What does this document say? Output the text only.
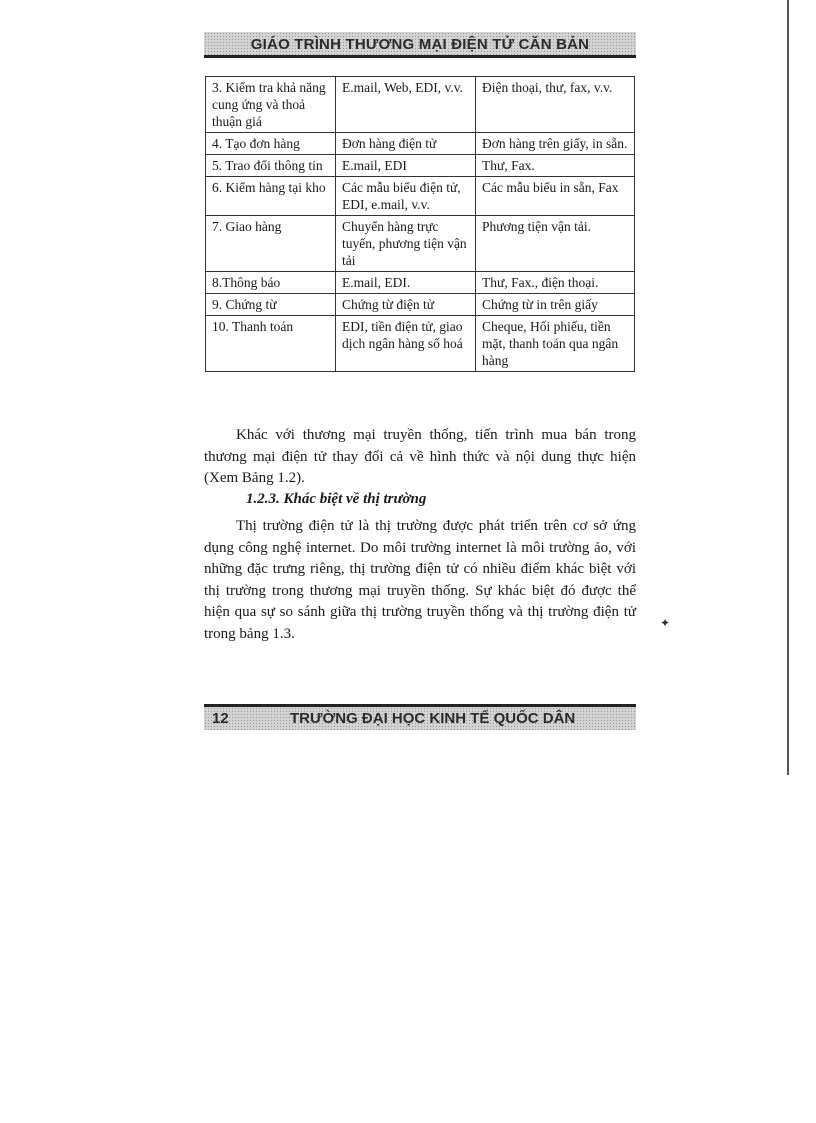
GIÁO TRÌNH THƯƠNG MẠI ĐIỆN TỬ CĂN BẢN
3. Kiểm tra khả năng cung ứng và thoả thuận giá	E.mail, Web, EDI, v.v.	Điện thoại, thư, fax, v.v.
4. Tạo đơn hàng	Đơn hàng điện tử	Đơn hàng trên giấy, in sẵn.
5. Trao đổi thông tin	E.mail, EDI	Thư, Fax.
6. Kiểm hàng tại kho	Các mẫu biểu điện tử, EDI, e.mail, v.v.	Các mẫu biểu in sẵn, Fax
7. Giao hàng	Chuyển hàng trực tuyến, phương tiện vận tải	Phương tiện vận tải.
8.Thông báo	E.mail, EDI.	Thư, Fax., điện thoại.
9. Chứng từ	Chứng từ điện tử	Chứng từ in trên giấy
10. Thanh toán	EDI, tiền điện tử, giao dịch ngân hàng số hoá	Cheque, Hối phiếu, tiền mặt, thanh toán qua ngân hàng

Khác với thương mại truyền thống, tiến trình mua bán trong thương mại điện tử thay đổi cả về hình thức và nội dung thực hiện (Xem Bảng 1.2).

1.2.3. Khác biệt về thị trường

Thị trường điện tử là thị trường được phát triển trên cơ sở ứng dụng công nghệ internet. Do môi trường internet là môi trường ảo, với những đặc trưng riêng, thị trường điện tử có nhiều điểm khác biệt với thị trường trong thương mại truyền thống. Sự khác biệt đó được thể hiện qua sự so sánh giữa thị trường truyền thống và thị trường điện tử trong bảng 1.3.

✦
12	TRƯỜNG ĐẠI HỌC KINH TẾ QUỐC DÂN
